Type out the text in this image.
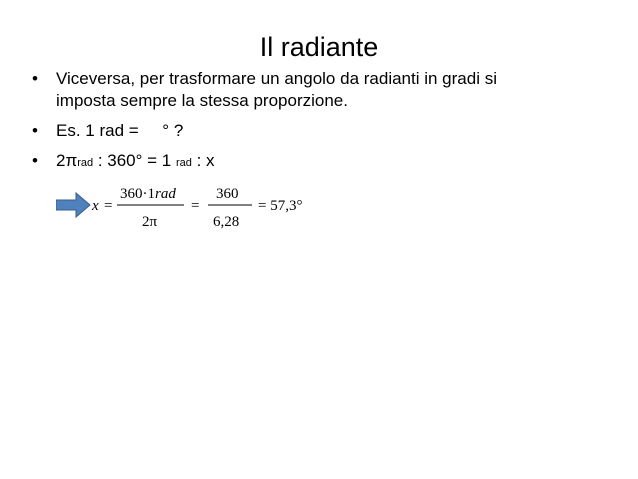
Il radiante
• Viceversa, per trasformare un angolo da radianti in gradi si
imposta sempre la stessa proporzione.
• Es. 1 rad =     ° ?
• 2πrad : 360° = 1 rad : x
x =
360·1rad
2π
=
360
6,28
= 57,3°
